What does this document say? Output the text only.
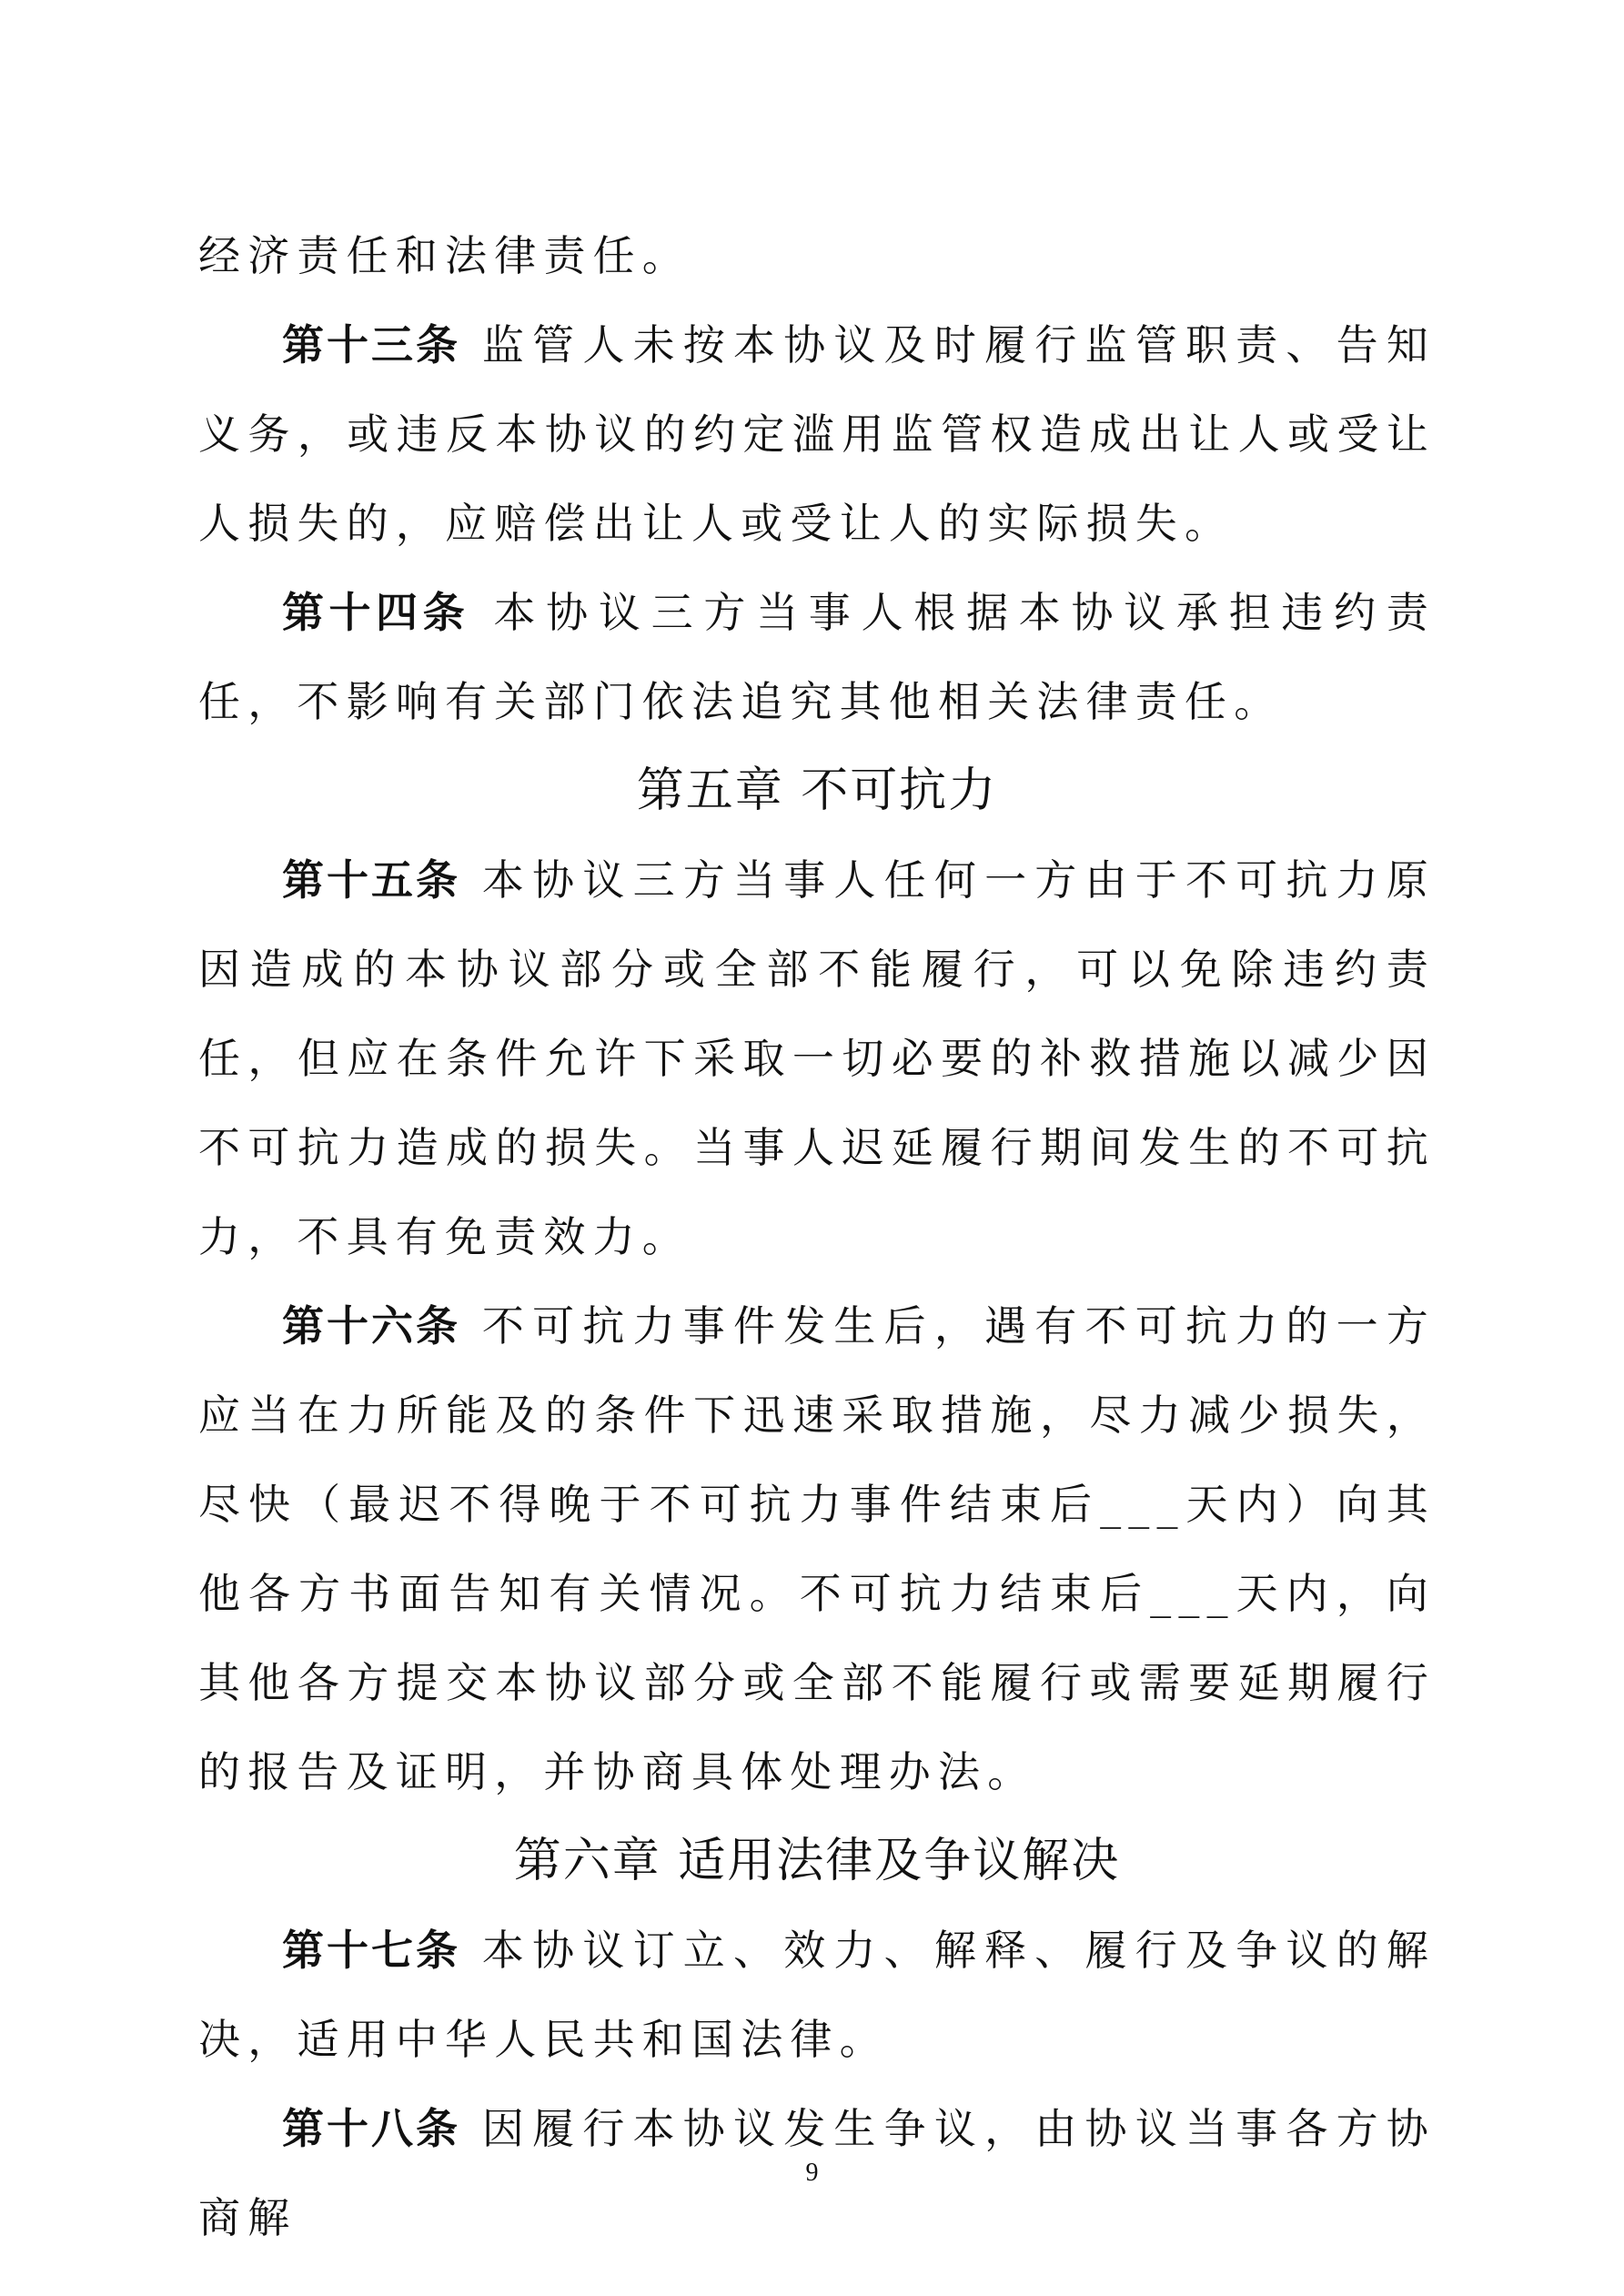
经济责任和法律责任。

第十三条 监管人未按本协议及时履行监管职责、告知义务，或违反本协议的约定滥用监管权造成出让人或受让人损失的，应赔偿出让人或受让人的实际损失。

第十四条 本协议三方当事人根据本协议承担违约责任，不影响有关部门依法追究其他相关法律责任。

第五章 不可抗力

第十五条 本协议三方当事人任何一方由于不可抗力原因造成的本协议部分或全部不能履行，可以免除违约责任，但应在条件允许下采取一切必要的补救措施以减少因不可抗力造成的损失。当事人迟延履行期间发生的不可抗力，不具有免责效力。

第十六条 不可抗力事件发生后，遇有不可抗力的一方应当在力所能及的条件下迅速采取措施，尽力减少损失，尽快（最迟不得晚于不可抗力事件结束后___天内）向其他各方书面告知有关情况。不可抗力结束后___天内，向其他各方提交本协议部分或全部不能履行或需要延期履行的报告及证明，并协商具体处理办法。

第六章 适用法律及争议解决

第十七条 本协议订立、效力、解释、履行及争议的解决，适用中华人民共和国法律。

第十八条 因履行本协议发生争议，由协议当事各方协商解

9
